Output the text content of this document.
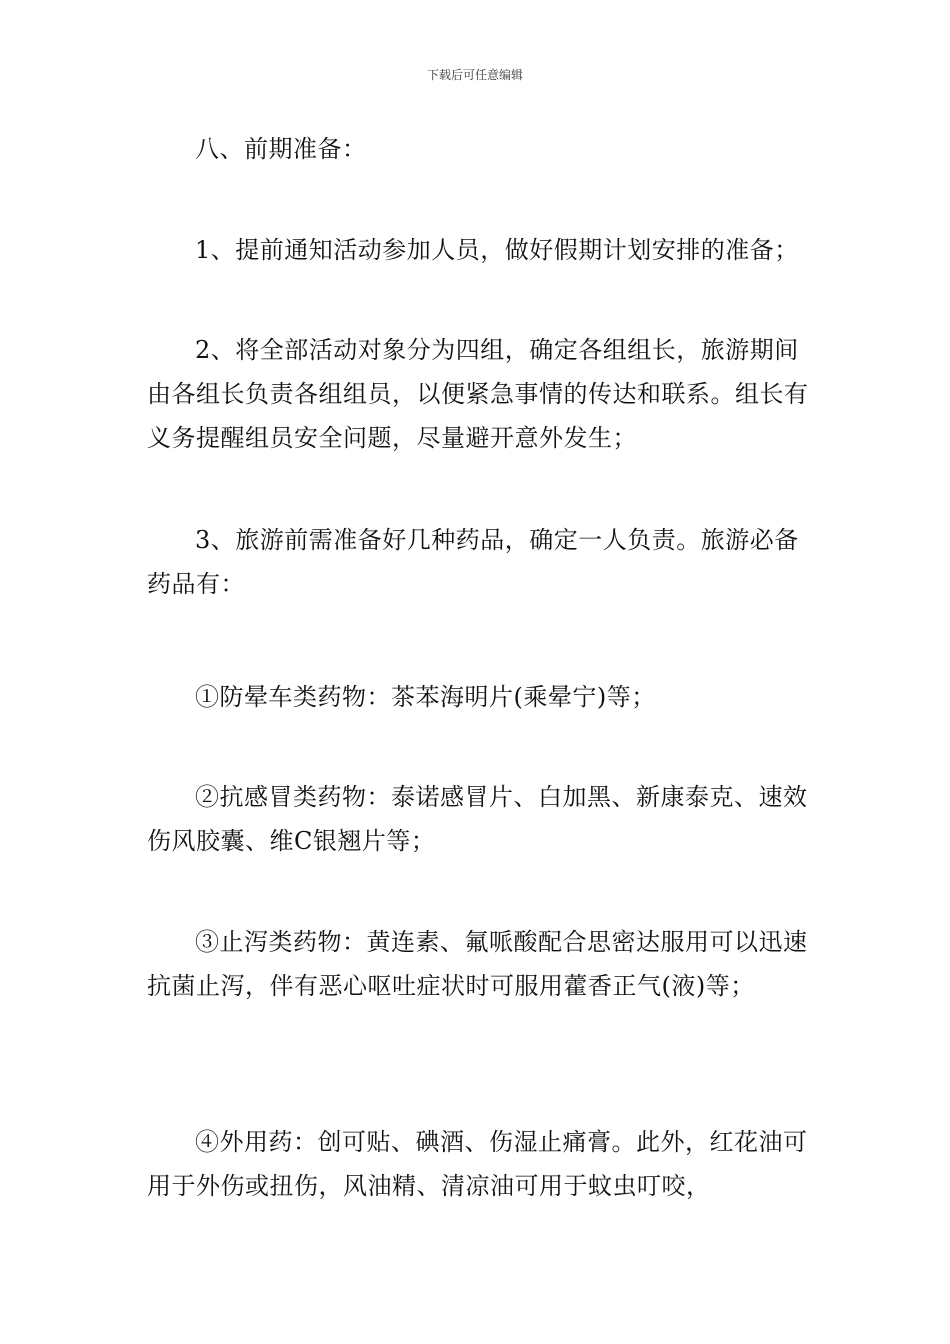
下载后可任意编辑

八、前期准备：

1、提前通知活动参加人员，做好假期计划安排的准备；

2、将全部活动对象分为四组，确定各组组长，旅游期间由各组长负责各组组员，以便紧急事情的传达和联系。组长有义务提醒组员安全问题，尽量避开意外发生；

3、旅游前需准备好几种药品，确定一人负责。旅游必备药品有：

①防晕车类药物：茶苯海明片(乘晕宁)等；

②抗感冒类药物：泰诺感冒片、白加黑、新康泰克、速效伤风胶囊、维C银翘片等；

③止泻类药物：黄连素、氟哌酸配合思密达服用可以迅速抗菌止泻，伴有恶心呕吐症状时可服用藿香正气(液)等；

④外用药：创可贴、碘酒、伤湿止痛膏。此外，红花油可用于外伤或扭伤，风油精、清凉油可用于蚊虫叮咬，
